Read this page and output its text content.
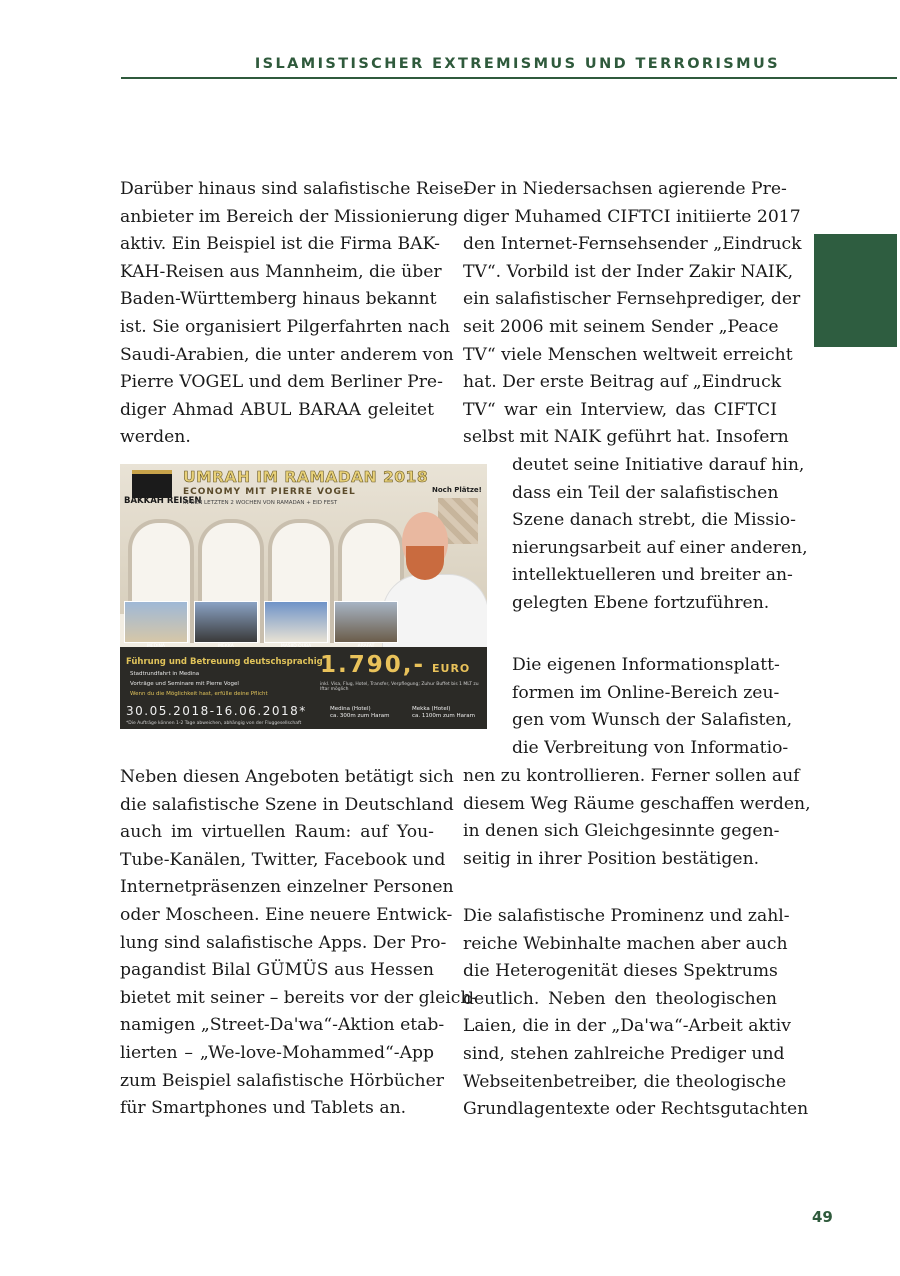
ISLAMISTISCHER EXTREMISMUS UND TERRORISMUS

Darüber hinaus sind salafistische Reise-
anbieter im Bereich der Missionierung
aktiv. Ein Beispiel ist die Firma BAK-
KAH-Reisen aus Mannheim, die über
Baden-Württemberg hinaus bekannt
ist. Sie organisiert Pilgerfahrten nach
Saudi-Arabien, die unter anderem von
Pierre VOGEL und dem Berliner Pre-
diger Ahmad ABUL BARAA geleitet
werden.

BAKKAH REISEN
UMRAH IM RAMADAN 2018
ECONOMY MIT PIERRE VOGEL
IN DEN LETZTEN 2 WOCHEN VON RAMADAN + EID FEST
Noch Plätze!
Führung und Betreuung deutschsprachig
Stadtrundfahrt in Medina
Vorträge und Seminare mit Pierre Vogel
Wenn du die Möglichkeit hast, erfülle deine Pflicht
1.790,- EURO
inkl. Visa, Flug, Hotel, Transfer, Verpflegung; Zuhur Buffet bis 1 MLT zu Iftar möglich
30.05.2018-16.06.2018*
*Die Aufträge können 1-2 Tage abweichen, abhängig von der Fluggesellschaft
Medina (Hotel)
ca. 300m zum Haram
Mekka (Hotel)
ca. 1100m zum Haram

Neben diesen Angeboten betätigt sich
die salafistische Szene in Deutschland
auch im virtuellen Raum: auf You-
Tube-Kanälen, Twitter, Facebook und
Internetpräsenzen einzelner Personen
oder Moscheen. Eine neuere Entwick-
lung sind salafistische Apps. Der Pro-
pagandist Bilal GÜMÜS aus Hessen
bietet mit seiner – bereits vor der gleich-
namigen „Street-Da'wa“-Aktion etab-
lierten – „We-love-Mohammed“-App
zum Beispiel salafistische Hörbücher
für Smartphones und Tablets an.

Der in Niedersachsen agierende Pre-
diger Muhamed CIFTCI initiierte 2017
den Internet-Fernsehsender „Eindruck
TV“. Vorbild ist der Inder Zakir NAIK,
ein salafistischer Fernsehprediger, der
seit 2006 mit seinem Sender „Peace
TV“ viele Menschen weltweit erreicht
hat. Der erste Beitrag auf „Eindruck
TV“ war ein Interview, das CIFTCI
selbst mit NAIK geführt hat. Insofern

deutet seine Initiative darauf hin,
dass ein Teil der salafistischen
Szene danach strebt, die Missio-
nierungsarbeit auf einer anderen,
intellektuelleren und breiter an-
gelegten Ebene fortzuführen.

Die eigenen Informationsplatt-
formen im Online-Bereich zeu-
gen vom Wunsch der Salafisten,
die Verbreitung von Informatio-

nen zu kontrollieren. Ferner sollen auf
diesem Weg Räume geschaffen werden,
in denen sich Gleichgesinnte gegen-
seitig in ihrer Position bestätigen.

Die salafistische Prominenz und zahl-
reiche Webinhalte machen aber auch
die Heterogenität dieses Spektrums
deutlich. Neben den theologischen
Laien, die in der „Da'wa“-Arbeit aktiv
sind, stehen zahlreiche Prediger und
Webseitenbetreiber, die theologische
Grundlagentexte oder Rechtsgutachten

49
